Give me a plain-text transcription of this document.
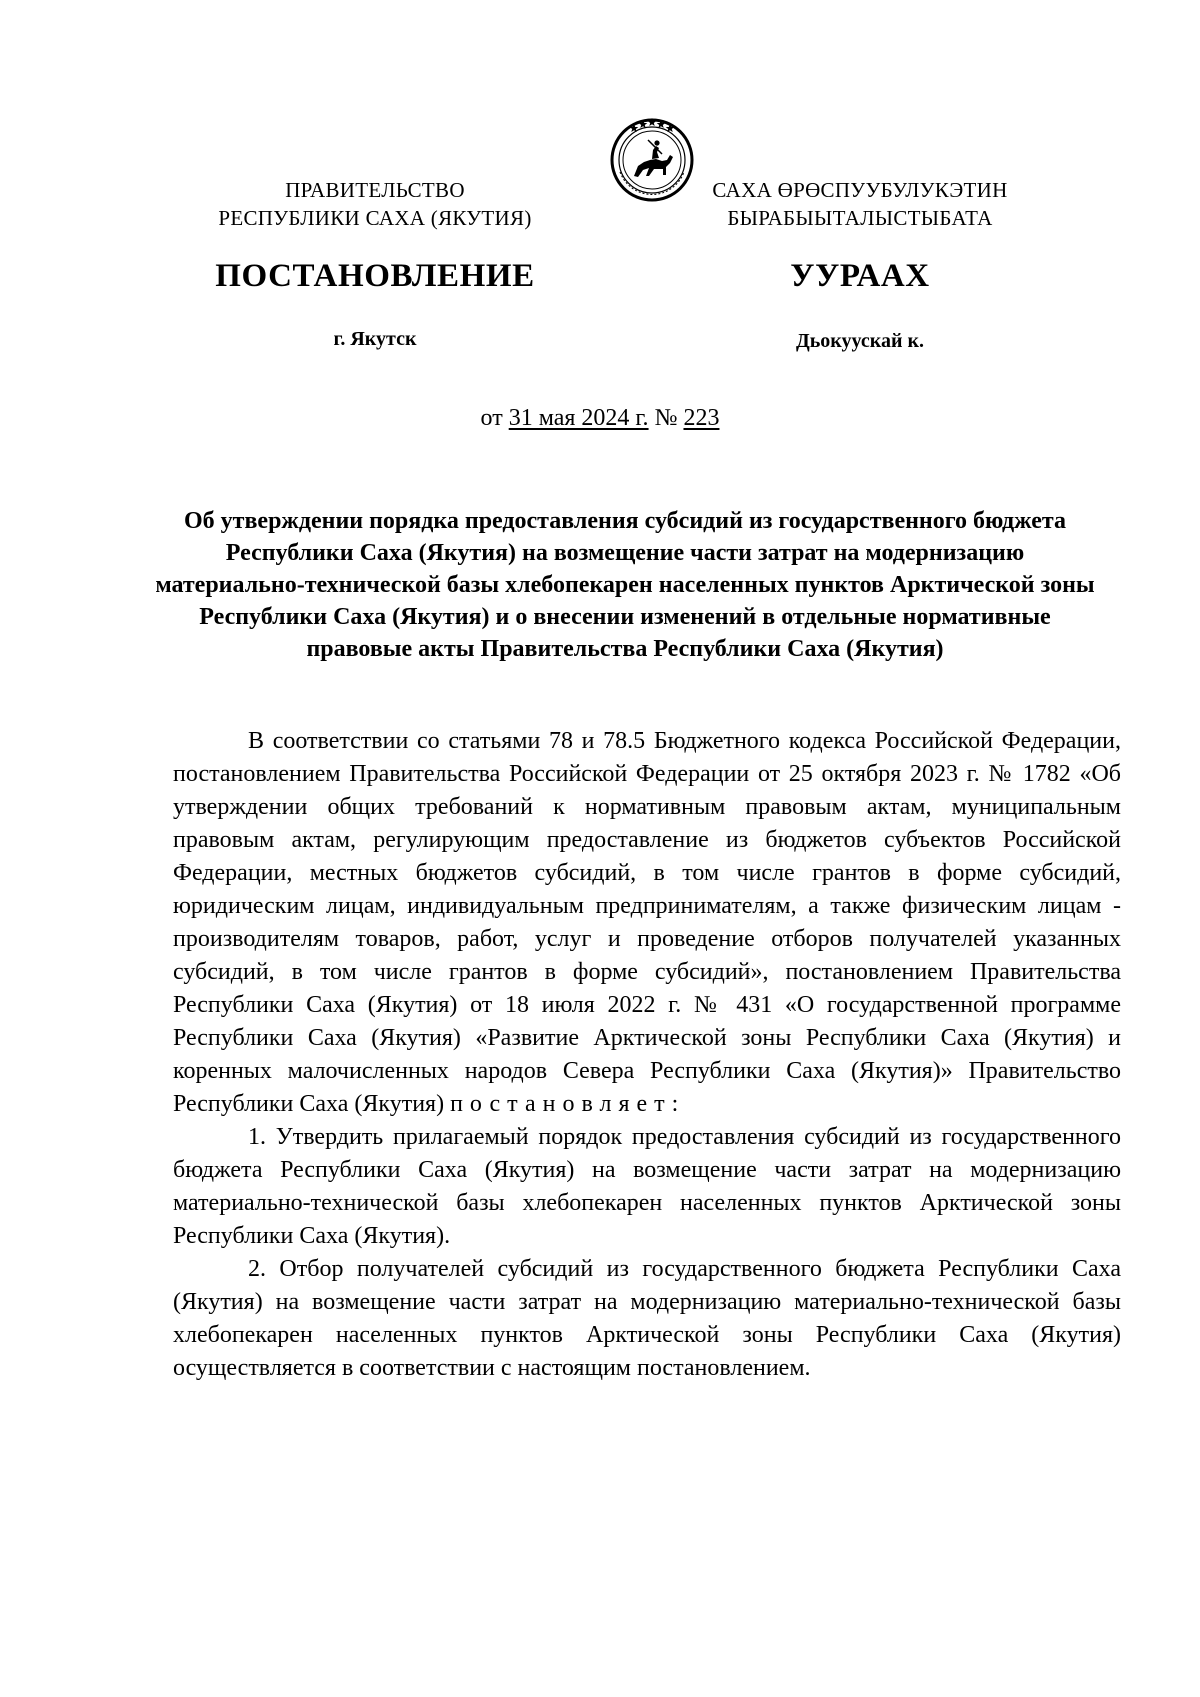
ПРАВИТЕЛЬСТВО
РЕСПУБЛИКИ САХА (ЯКУТИЯ)
ПОСТАНОВЛЕНИЕ
г. Якутск
САХА ӨРӨСПУУБУЛУКЭТИН
БЫРАБЫЫТАЛЫСТЫБАТА
УУРААХ
Дьокуускай к.
от 31 мая 2024 г. № 223
Об утверждении порядка предоставления субсидий из государственного бюджета Республики Саха (Якутия) на возмещение части затрат на модернизацию материально-технической базы хлебопекарен населенных пунктов Арктической зоны Республики Саха (Якутия) и о внесении изменений в отдельные нормативные правовые акты Правительства Республики Саха (Якутия)

В соответствии со статьями 78 и 78.5 Бюджетного кодекса Российской Федерации, постановлением Правительства Российской Федерации от 25 октября 2023 г. № 1782 «Об утверждении общих требований к нормативным правовым актам, муниципальным правовым актам, регулирующим предоставление из бюджетов субъектов Российской Федерации, местных бюджетов субсидий, в том числе грантов в форме субсидий, юридическим лицам, индивидуальным предпринимателям, а также физическим лицам - производителям товаров, работ, услуг и проведение отборов получателей указанных субсидий, в том числе грантов в форме субсидий», постановлением Правительства Республики Саха (Якутия) от 18 июля 2022 г. № 431 «О государственной программе Республики Саха (Якутия) «Развитие Арктической зоны Республики Саха (Якутия) и коренных малочисленных народов Севера Республики Саха (Якутия)» Правительство Республики Саха (Якутия) постановляет:

1. Утвердить прилагаемый порядок предоставления субсидий из государственного бюджета Республики Саха (Якутия) на возмещение части затрат на модернизацию материально-технической базы хлебопекарен населенных пунктов Арктической зоны Республики Саха (Якутия).

2. Отбор получателей субсидий из государственного бюджета Республики Саха (Якутия) на возмещение части затрат на модернизацию материально-технической базы хлебопекарен населенных пунктов Арктической зоны Республики Саха (Якутия) осуществляется в соответствии с настоящим постановлением.
